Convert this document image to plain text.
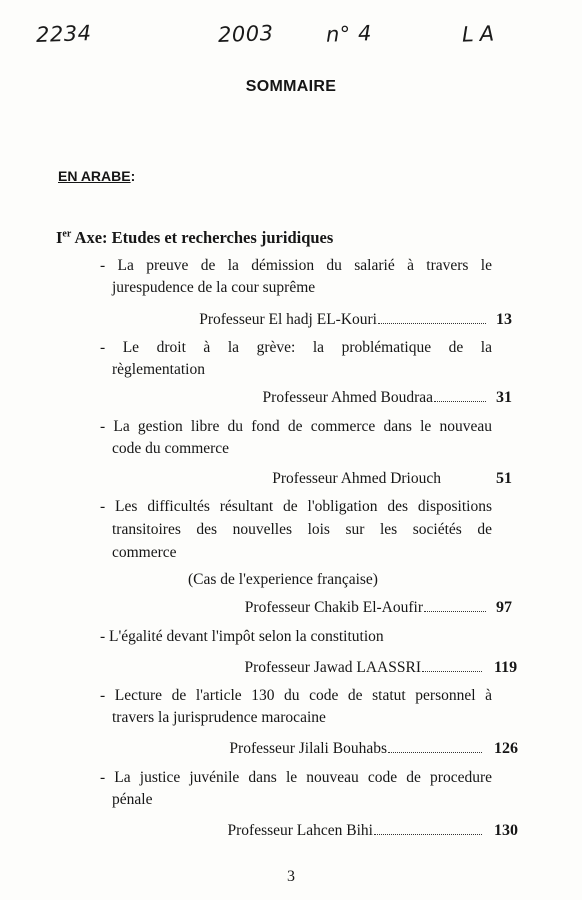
2234	2003 n° 4	LA
SOMMAIRE
EN ARABE:
Ier Axe: Etudes et recherches juridiques
- La preuve de la démission du salarié à travers le
jurespudence de la cour suprême
Professeur El hadj EL-Kouri	13
- Le droit à la grève: la problématique de la
règlementation
Professeur Ahmed Boudraa	31
- La gestion libre du fond de commerce dans le nouveau
code du commerce
Professeur Ahmed Driouch	51
- Les difficultés résultant de l'obligation des dispositions
transitoires des nouvelles lois sur les sociétés de
commerce
(Cas de l'experience française)
Professeur Chakib El-Aoufir	97
- L'égalité devant l'impôt selon la constitution
Professeur Jawad LAASSRI	119
- Lecture de l'article 130 du code de statut personnel à
travers la jurisprudence marocaine
Professeur Jilali Bouhabs	126
- La justice juvénile dans le nouveau code de procedure
pénale
Professeur Lahcen Bihi	130
3
